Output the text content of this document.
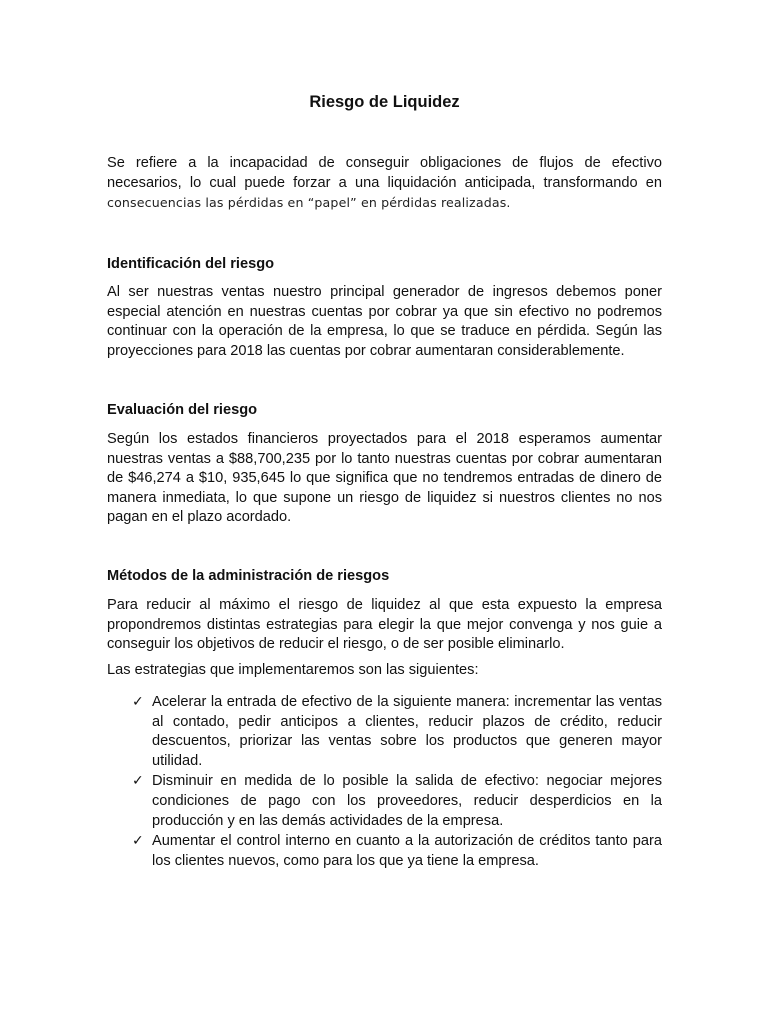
Riesgo de Liquidez

Se refiere a la incapacidad de conseguir obligaciones de flujos de efectivo necesarios, lo cual puede forzar a una liquidación anticipada, transformando en consecuencias las pérdidas en “papel” en pérdidas realizadas.

Identificación del riesgo

Al ser nuestras ventas nuestro principal generador de ingresos debemos poner especial atención en nuestras cuentas por cobrar ya que sin efectivo no podremos continuar con la operación de la empresa, lo que se traduce en pérdida. Según las proyecciones para 2018 las cuentas por cobrar aumentaran considerablemente.

Evaluación del riesgo

Según los estados financieros proyectados para el 2018 esperamos aumentar nuestras ventas a $88,700,235 por lo tanto nuestras cuentas por cobrar aumentaran de $46,274 a $10, 935,645 lo que significa que no tendremos entradas de dinero de manera inmediata, lo que supone un riesgo de liquidez si nuestros clientes no nos pagan en el plazo acordado.

Métodos de la administración de riesgos

Para reducir al máximo el riesgo de liquidez al que esta expuesto la empresa propondremos distintas estrategias para elegir la que mejor convenga y nos guie a conseguir los objetivos de reducir el riesgo, o de ser posible eliminarlo.

Las estrategias que implementaremos son las siguientes:

✓ Acelerar la entrada de efectivo de la siguiente manera: incrementar las ventas al contado, pedir anticipos a clientes, reducir plazos de crédito, reducir descuentos, priorizar las ventas sobre los productos que generen mayor utilidad.
✓ Disminuir en medida de lo posible la salida de efectivo: negociar mejores condiciones de pago con los proveedores, reducir desperdicios en la producción y en las demás actividades de la empresa.
✓ Aumentar el control interno en cuanto a la autorización de créditos tanto para los clientes nuevos, como para los que ya tiene la empresa.
